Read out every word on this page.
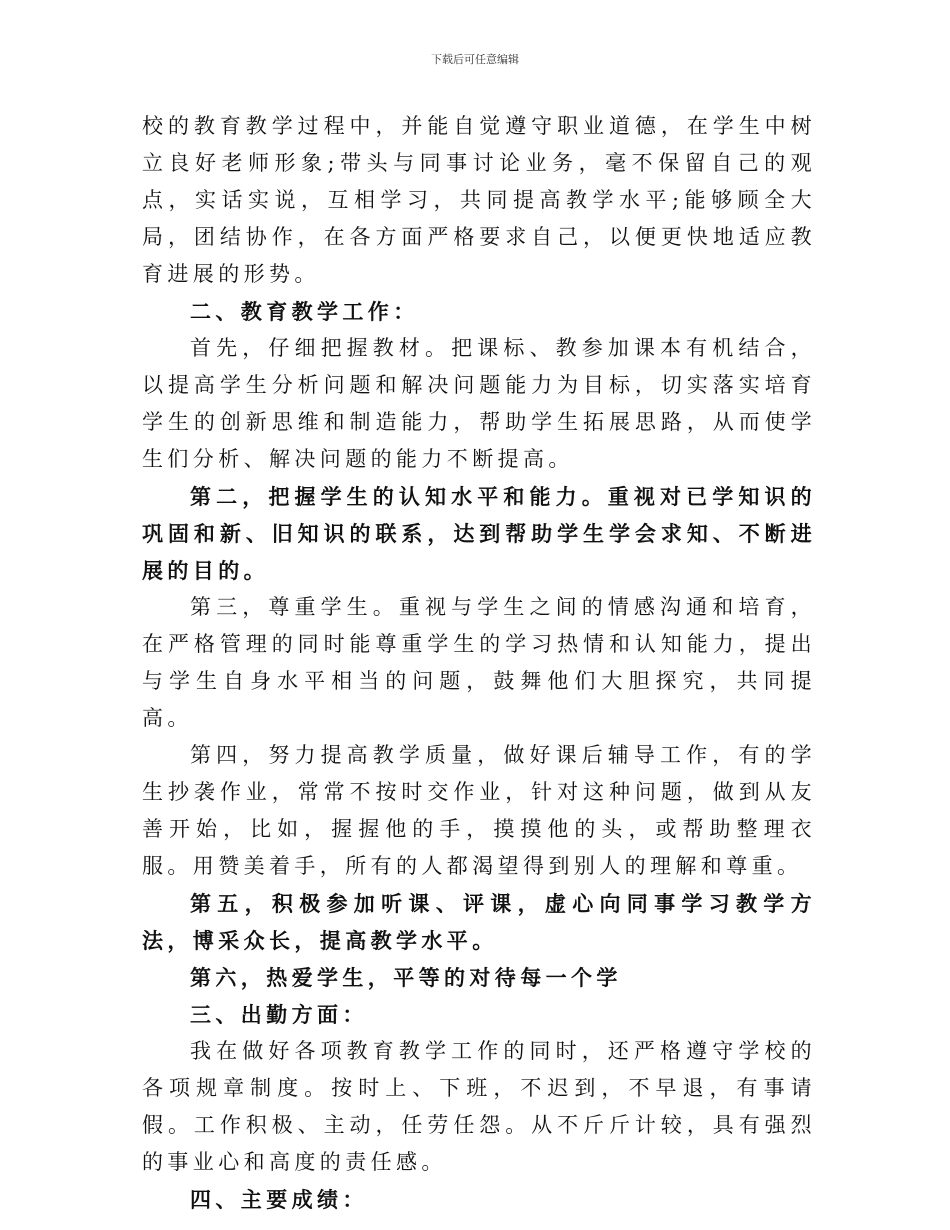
下载后可任意编辑

校的教育教学过程中，并能自觉遵守职业道德，在学生中树立良好老师形象;带头与同事讨论业务，毫不保留自己的观点，实话实说，互相学习，共同提高教学水平;能够顾全大局，团结协作，在各方面严格要求自己，以便更快地适应教育进展的形势。

二、教育教学工作：

首先，仔细把握教材。把课标、教参加课本有机结合，以提高学生分析问题和解决问题能力为目标，切实落实培育学生的创新思维和制造能力，帮助学生拓展思路，从而使学生们分析、解决问题的能力不断提高。

第二，把握学生的认知水平和能力。重视对已学知识的巩固和新、旧知识的联系，达到帮助学生学会求知、不断进展的目的。

第三，尊重学生。重视与学生之间的情感沟通和培育，在严格管理的同时能尊重学生的学习热情和认知能力，提出与学生自身水平相当的问题，鼓舞他们大胆探究，共同提高。

第四，努力提高教学质量，做好课后辅导工作，有的学生抄袭作业，常常不按时交作业，针对这种问题，做到从友善开始，比如，握握他的手，摸摸他的头，或帮助整理衣服。用赞美着手，所有的人都渴望得到别人的理解和尊重。

第五，积极参加听课、评课，虚心向同事学习教学方法，博采众长，提高教学水平。

第六，热爱学生，平等的对待每一个学

三、出勤方面：

我在做好各项教育教学工作的同时，还严格遵守学校的各项规章制度。按时上、下班，不迟到，不早退，有事请假。工作积极、主动，任劳任怨。从不斤斤计较，具有强烈的事业心和高度的责任感。

四、主要成绩：
